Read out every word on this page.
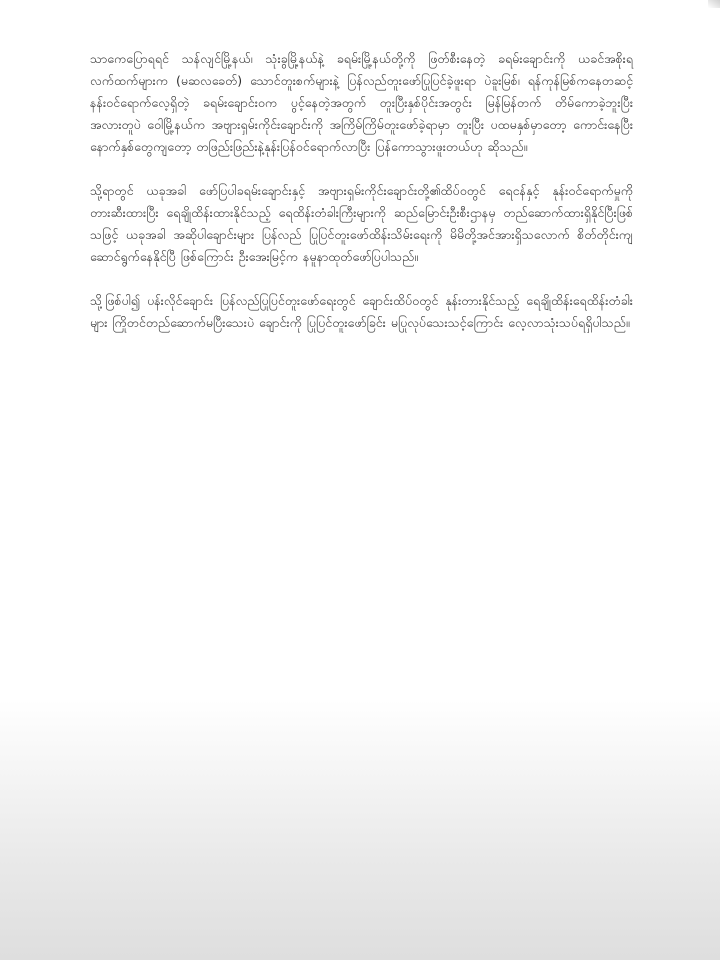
သာကေပြောရရင် သန်လျင်မြို့နယ်၊ သုံးခွမြို့နယ်နဲ့ ခရမ်းမြို့နယ်တို့ကို ဖြတ်စီးနေတဲ့ ခရမ်းချောင်းကို ယခင်အစိုးရလက်ထက်များက (မဆလခေတ်) သောင်တူးစက်များနဲ့ ပြန်လည်တူးဖော်ပြုပြင်ခဲ့ဖူးရာ ပဲခူးမြစ်၊ ရန်ကုန်မြစ်ကနေတဆင့် နန်းဝင်ရောက်လေ့ရှိတဲ့ ခရမ်းချောင်းဝက ပွင့်နေတဲ့အတွက် တူးပြီးနှစ်ပိုင်းအတွင်း မြန်မြန်တက် တိမ်ကောခဲ့ဘူးပြီး အလားတူပဲ ဝေါမြို့နယ်က အဗျားရှမ်းကိုင်းချောင်းကို အကြိမ်ကြိမ်တူးဖော်ခဲ့ရာမှာ တူးပြီး ပထမနှစ်မှာတော့ ကောင်းနေပြီး နောက်နှစ်တွေကျတော့ တဖြည်းဖြည်းနဲ့နုန်းပြန်ဝင်ရောက်လာပြီး ပြန်ကောသွားဖူးတယ်ဟု ဆိုသည်။

သို့ရာတွင် ယခုအခါ ဖော်ပြပါခရမ်းချောင်းနှင့် အဗျားရှမ်းကိုင်းချောင်းတို့၏ထိပ်ဝတွင် ရေငန်နှင့် နုန်းဝင်ရောက်မှုကို တားဆီးထားပြီး ရေချိုထိန်းထားနိုင်သည့် ရေထိန်းတံခါးကြီးများကို ဆည်မြောင်းဦးစီးဌာနမှ တည်ဆောက်ထားရှိနိုင်ပြီးဖြစ်သဖြင့် ယခုအခါ အဆိုပါချောင်းများ ပြန်လည် ပြုပြင်တူးဖော်ထိန်းသိမ်းရေးကို မိမိတို့အင်အားရှိသလောက် စိတ်တိုင်းကျဆောင်ရွက်နေနိုင်ပြီ ဖြစ်ကြောင်း ဦးအေးမြင့်က နမူနာထုတ်ဖော်ပြပါသည်။

သို့ဖြစ်ပါ၍ ပန်းလိုင်ချောင်း ပြန်လည်ပြုပြင်တူးဖော်ရေးတွင် ချောင်းထိပ်ဝတွင် နုန်းတားနိုင်သည့် ရေချိုထိန်းရေထိန်းတံခါးများ ကြိုတင်တည်ဆောက်မပြီးသေးပဲ ချောင်းကို ပြုပြင်တူးဖော်ခြင်း မပြုလုပ်သေးသင့်ကြောင်း လေ့လာသုံးသပ်ရရှိပါသည်။
